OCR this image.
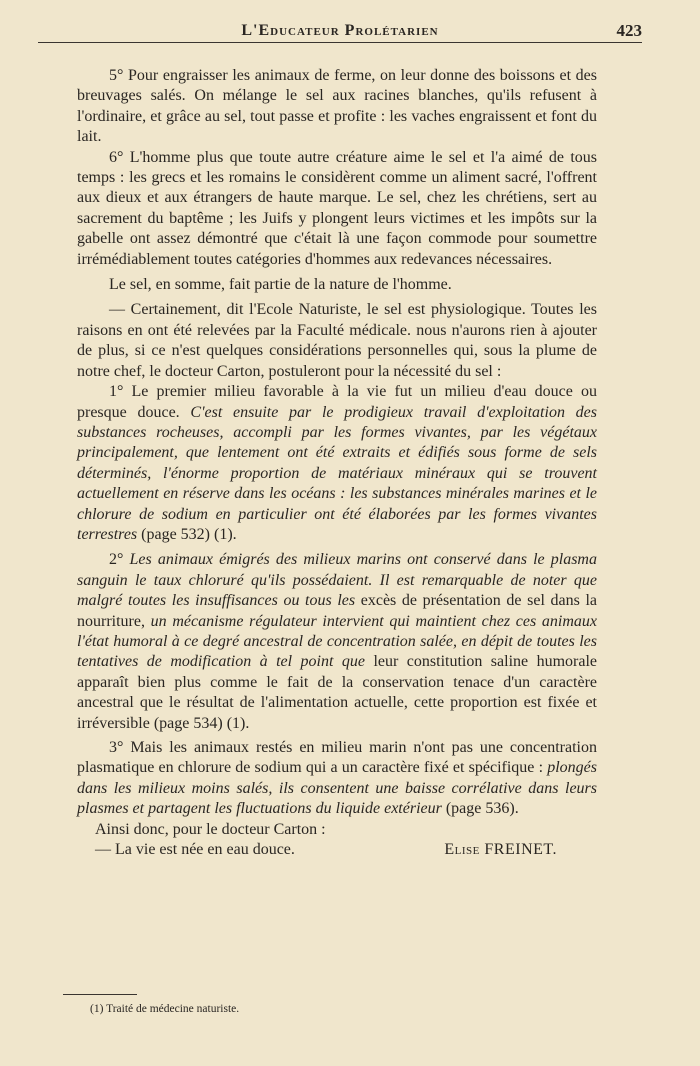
L'Educateur Prolétarien	423

5° Pour engraisser les animaux de ferme, on leur donne des boissons et des breuvages salés. On mélange le sel aux racines blanches, qu'ils refusent à l'ordinaire, et grâce au sel, tout passe et profite : les vaches engraissent et font du lait.

6° L'homme plus que toute autre créature aime le sel et l'a aimé de tous temps : les grecs et les romains le considèrent comme un aliment sacré, l'offrent aux dieux et aux étrangers de haute marque. Le sel, chez les chrétiens, sert au sacrement du baptême ; les Juifs y plongent leurs victimes et les impôts sur la gabelle ont assez démontré que c'était là une façon commode pour soumettre irrémédiablement toutes catégories d'hommes aux redevances nécessaires.

Le sel, en somme, fait partie de la nature de l'homme.

— Certainement, dit l'Ecole Naturiste, le sel est physiologique. Toutes les raisons en ont été relevées par la Faculté médicale. nous n'aurons rien à ajouter de plus, si ce n'est quelques considérations personnelles qui, sous la plume de notre chef, le docteur Carton, postuleront pour la nécessité du sel :

1° Le premier milieu favorable à la vie fut un milieu d'eau douce ou presque douce. C'est ensuite par le prodigieux travail d'exploitation des substances rocheuses, accompli par les formes vivantes, par les végétaux principalement, que lentement ont été extraits et édifiés sous forme de sels déterminés, l'énorme proportion de matériaux minéraux qui se trouvent actuellement en réserve dans les océans : les substances minérales marines et le chlorure de sodium en particulier ont été élaborées par les formes vivantes terrestres (page 532) (1).

2° Les animaux émigrés des milieux marins ont conservé dans le plasma sanguin le taux chloruré qu'ils possédaient. Il est remarquable de noter que malgré toutes les insuffisances ou tous les excès de présentation de sel dans la nourriture, un mécanisme régulateur intervient qui maintient chez ces animaux l'état humoral à ce degré ancestral de concentration salée, en dépit de toutes les tentatives de modification à tel point que leur constitution saline humorale apparaît bien plus comme le fait de la conservation tenace d'un caractère ancestral que le résultat de l'alimentation actuelle, cette proportion est fixée et irréversible (page 534) (1).

3° Mais les animaux restés en milieu marin n'ont pas une concentration plasmatique en chlorure de sodium qui a un caractère fixé et spécifique : plongés dans les milieux moins salés, ils consentent une baisse corrélative dans leurs plasmes et partagent les fluctuations du liquide extérieur (page 536).

Ainsi donc, pour le docteur Carton :

— La vie est née en eau douce.	Elise FREINET.

(1) Traité de médecine naturiste.
